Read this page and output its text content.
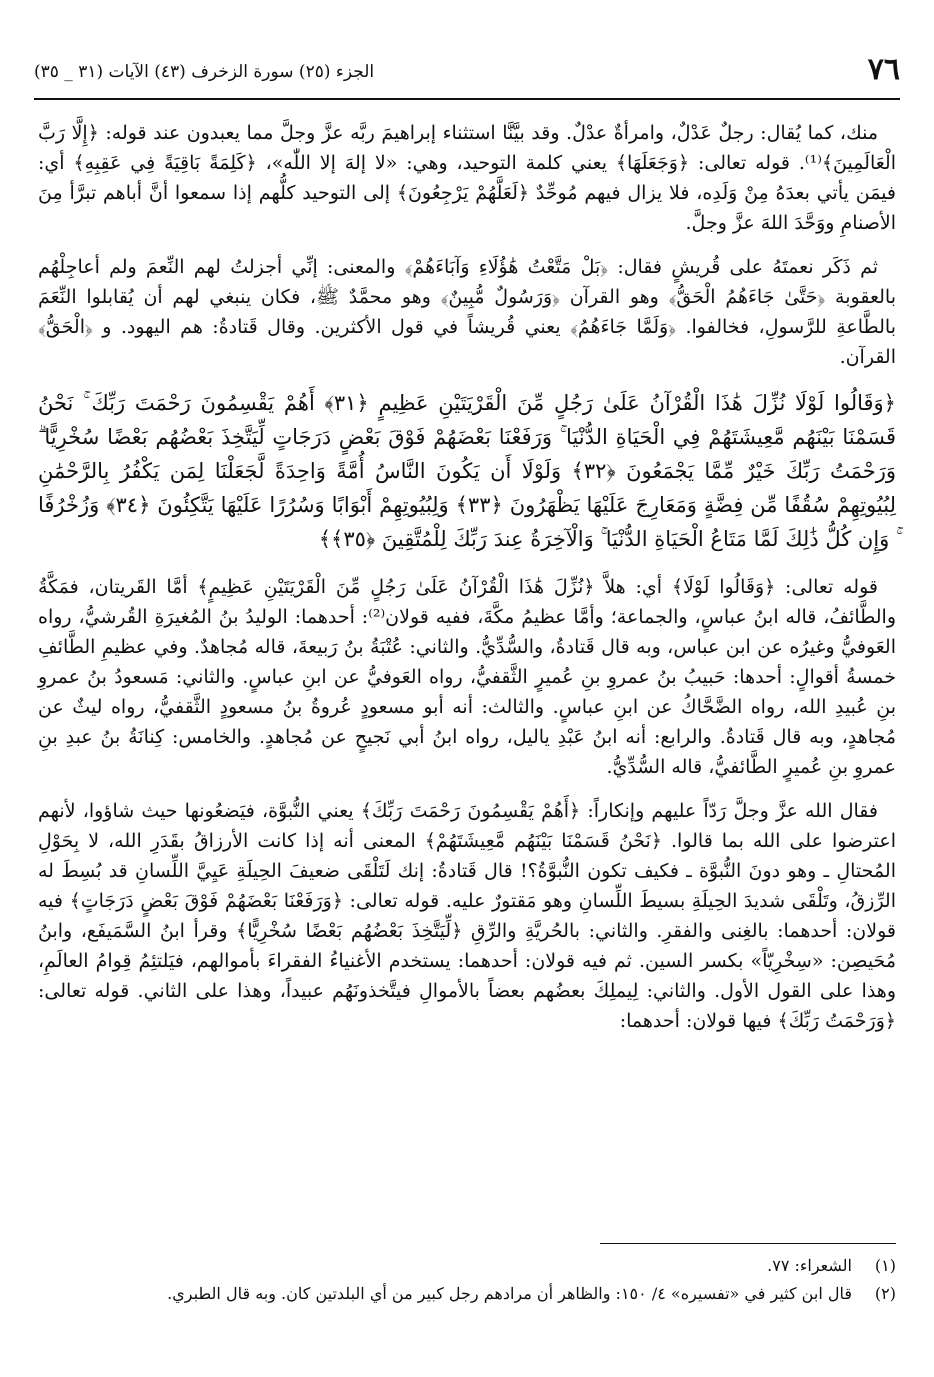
٧٦
الجزء (٢٥) سورة الزخرف (٤٣) الآيات (٣١ _ ٣٥)

منك، كما يُقال: رجلٌ عَدْلٌ، وامرأةٌ عدْلٌ. وقد بيَّنَّا استثناء إبراهيمَ ربَّه عزَّ وجلَّ مما يعبدون عند قوله: ﴿إِلَّا رَبَّ الْعَالَمِينَ﴾⁽¹⁾. قوله تعالى: ﴿وَجَعَلَهَا﴾ يعني كلمة التوحيد، وهي: «لا إلهَ إلا اللّٰه»، ﴿كَلِمَةً بَاقِيَةً فِي عَقِبِهِ﴾ أي: فيمَن يأتي بعدَهُ مِنْ وَلَدِه، فلا يزال فيهم مُوحِّدٌ ﴿لَعَلَّهُمْ يَرْجِعُونَ﴾ إلى التوحيد كلُّهم إذا سمعوا أنَّ أباهم تبرَّأ مِنَ الأصنامِ ووَحَّدَ اللهَ عزَّ وجلَّ.

ثم ذَكَر نعمتَهُ على قُريشٍ فقال: ﴿بَلْ مَتَّعْتُ هَٰؤُلَاءِ وَآبَاءَهُمْ﴾ والمعنى: إنِّي أجزلتُ لهم النِّعمَ ولم أعاجِلْهُم بالعقوبة ﴿حَتَّىٰ جَاءَهُمُ الْحَقُّ﴾ وهو القرآن ﴿وَرَسُولٌ مُّبِينٌ﴾ وهو محمَّدٌ ﷺ، فكان ينبغي لهم أن يُقابلوا النِّعَمَ بالطَّاعةِ للرَّسولِ، فخالفوا. ﴿وَلَمَّا جَاءَهُمُ﴾ يعني قُريشاً في قول الأكثرين. وقال قَتادةُ: هم اليهود. و ﴿الْحَقُّ﴾ القرآن.

﴿وَقَالُوا لَوْلَا نُزِّلَ هَٰذَا الْقُرْآنُ عَلَىٰ رَجُلٍ مِّنَ الْقَرْيَتَيْنِ عَظِيمٍ ﴿٣١﴾ أَهُمْ يَقْسِمُونَ رَحْمَتَ رَبِّكَ ۚ نَحْنُ قَسَمْنَا بَيْنَهُم مَّعِيشَتَهُمْ فِي الْحَيَاةِ الدُّنْيَا ۚ وَرَفَعْنَا بَعْضَهُمْ فَوْقَ بَعْضٍ دَرَجَاتٍ لِّيَتَّخِذَ بَعْضُهُم بَعْضًا سُخْرِيًّا ۗ وَرَحْمَتُ رَبِّكَ خَيْرٌ مِّمَّا يَجْمَعُونَ ﴿٣٢﴾ وَلَوْلَا أَن يَكُونَ النَّاسُ أُمَّةً وَاحِدَةً لَّجَعَلْنَا لِمَن يَكْفُرُ بِالرَّحْمَٰنِ لِبُيُوتِهِمْ سُقُفًا مِّن فِضَّةٍ وَمَعَارِجَ عَلَيْهَا يَظْهَرُونَ ﴿٣٣﴾ وَلِبُيُوتِهِمْ أَبْوَابًا وَسُرُرًا عَلَيْهَا يَتَّكِئُونَ ﴿٣٤﴾ وَزُخْرُفًا ۚ وَإِن كُلُّ ذَٰلِكَ لَمَّا مَتَاعُ الْحَيَاةِ الدُّنْيَا ۚ وَالْآخِرَةُ عِندَ رَبِّكَ لِلْمُتَّقِينَ ﴿٣٥﴾﴾

قوله تعالى: ﴿وَقَالُوا لَوْلَا﴾ أي: هلاَّ ﴿نُزِّلَ هَٰذَا الْقُرْآنُ عَلَىٰ رَجُلٍ مِّنَ الْقَرْيَتَيْنِ عَظِيمٍ﴾ أمَّا القَريتان، فمَكَّةُ والطَّائفُ، قاله ابنُ عباسٍ، والجماعة؛ وأمَّا عظيمُ مكَّةَ، ففيه قولان⁽²⁾: أحدهما: الوليدُ بنُ المُغيرَةِ القُرشيُّ، رواه العَوفيُّ وغيرُه عن ابن عباس، وبه قال قَتادةُ، والسُّدِّيُّ. والثاني: عُتْبَةُ بنُ رَبيعةَ، قاله مُجاهدٌ. وفي عظيمِ الطَّائفِ خمسةُ أقوالٍ: أحدها: حَبيبُ بنُ عمروِ بنِ عُميرٍ الثَّقفيُّ، رواه العَوفيُّ عن ابنِ عباسٍ. والثاني: مَسعودُ بنُ عمروِ بنِ عُبيدِ الله، رواه الضَّحَّاكُ عن ابنِ عباسٍ. والثالث: أنه أبو مسعودٍ عُروةُ بنُ مسعودٍ الثَّقفيُّ، رواه ليثٌ عن مُجاهدٍ، وبه قال قَتادةُ. والرابع: أنه ابنُ عَبْدِ ياليل، رواه ابنُ أبي نَجيحٍ عن مُجاهدٍ. والخامس: كِنانَةُ بنُ عبدِ بنِ عمروِ بنِ عُميرٍ الطَّائفيُّ، قاله السُّدِّيُّ.

فقال الله عزَّ وجلَّ رَدّاً عليهم وإنكاراً: ﴿أَهُمْ يَقْسِمُونَ رَحْمَتَ رَبِّكَ﴾ يعني النُّبوَّة، فيَضعُونها حيث شاؤوا، لأنهم اعترضوا على الله بما قالوا. ﴿نَحْنُ قَسَمْنَا بَيْنَهُم مَّعِيشَتَهُمْ﴾ المعنى أنه إذا كانت الأرزاقُ بقَدَرِ الله، لا بِحَوْلِ المُحتالِ ـ وهو دونَ النُّبوَّة ـ فكيف تكون النُّبوَّةُ؟! قال قَتادةُ: إنك لَتَلْقَى ضعيفَ الحِيلَةِ عَيِيَّ اللِّسانِ قد بُسِطَ له الرِّزقُ، وتَلْقَى شديدَ الحِيلَةِ بسيطَ اللِّسانِ وهو مَقتورٌ عليه. قوله تعالى: ﴿وَرَفَعْنَا بَعْضَهُمْ فَوْقَ بَعْضٍ دَرَجَاتٍ﴾ فيه قولان: أحدهما: بالغِنى والفقرِ. والثاني: بالحُريَّةِ والرِّقِ ﴿لِّيَتَّخِذَ بَعْضُهُم بَعْضًا سُخْرِيًّا﴾ وقرأ ابنُ السَّمَيفَع، وابنُ مُحَيصِن: «سِخْرِيّاً» بكسر السين. ثم فيه قولان: أحدهما: يستخدم الأغنياءُ الفقراءَ بأموالهم، فيَلتئِمُ قِوامُ العالَمِ، وهذا على القول الأول. والثاني: لِيملِكَ بعضُهم بعضاً بالأموالِ فيتَّخذونَهُم عبيداً، وهذا على الثاني. قوله تعالى: ﴿وَرَحْمَتُ رَبِّكَ﴾ فيها قولان: أحدهما:

(١)
الشعراء: ٧٧.
(٢)
قال ابن كثير في «تفسيره» ٤/ ١٥٠: والظاهر أن مرادهم رجل كبير من أي البلدتين كان. وبه قال الطبري.
